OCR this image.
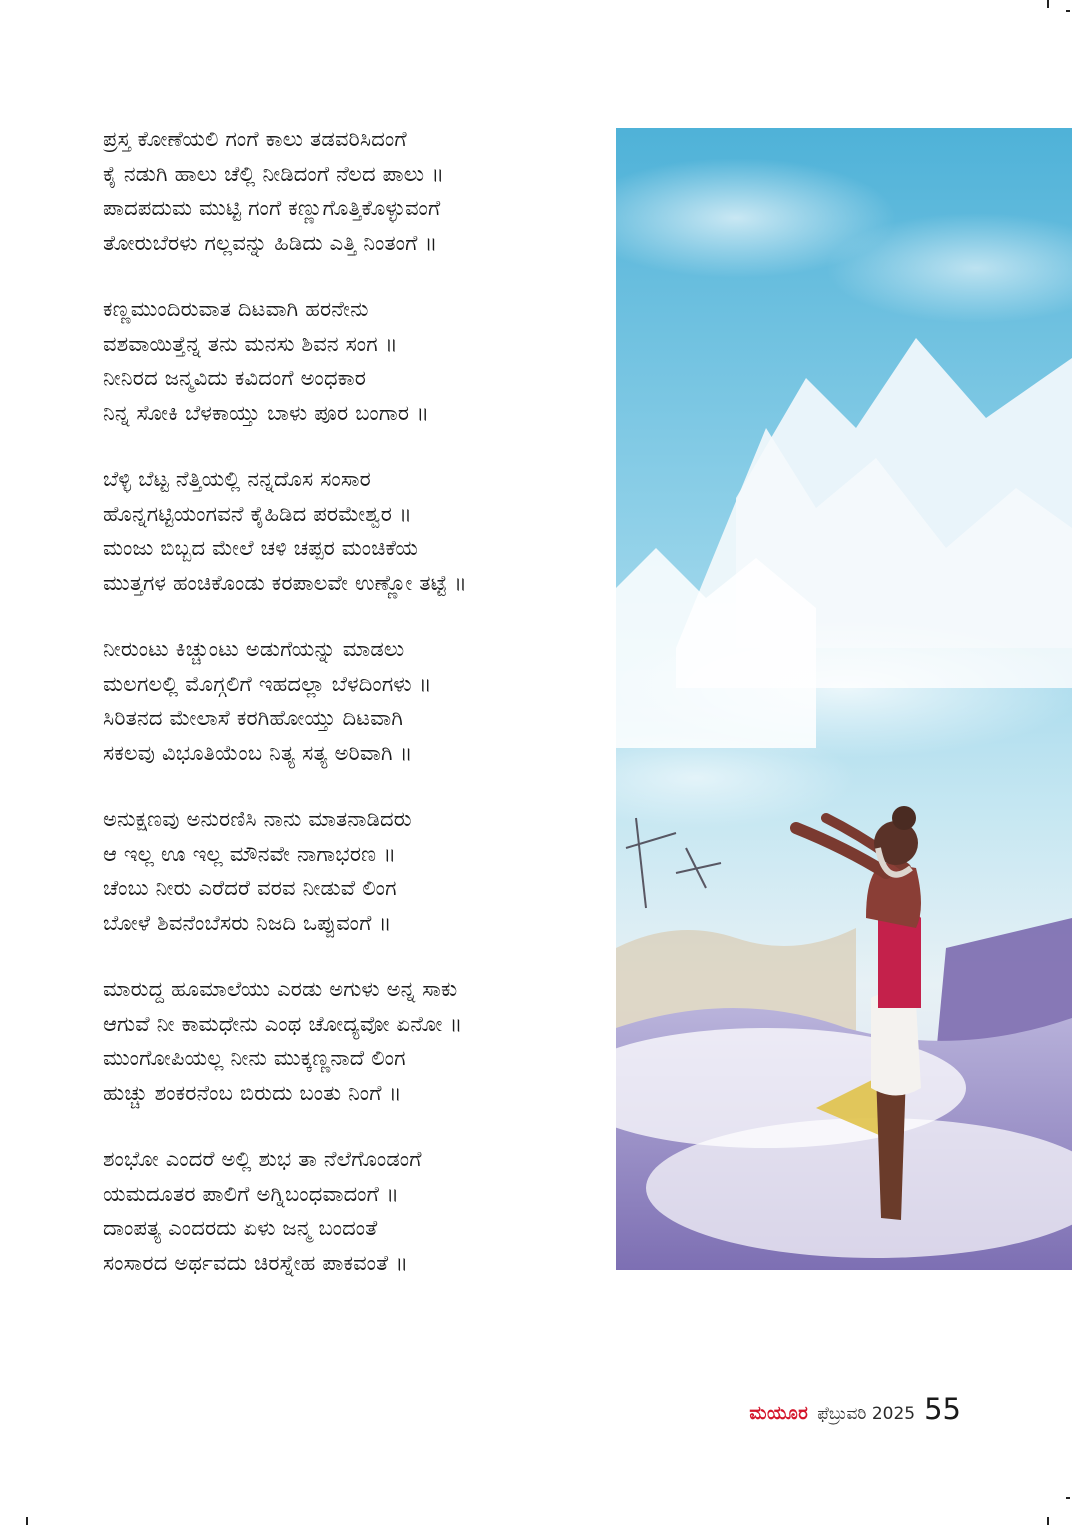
ಪ್ರಸ್ತ ಕೋಣೆಯಲಿ ಗಂಗೆ ಕಾಲು ತಡವರಿಸಿದಂಗೆ
ಕೈ ನಡುಗಿ ಹಾಲು ಚೆಲ್ಲಿ ನೀಡಿದಂಗೆ ನೆಲದ ಪಾಲು ॥
ಪಾದಪದುಮ ಮುಟ್ಟಿ ಗಂಗೆ ಕಣ್ಣುಗೊತ್ತಿಕೊಳ್ಳುವಂಗೆ
ತೋರುಬೆರಳು ಗಲ್ಲವನ್ನು ಹಿಡಿದು ಎತ್ತಿ ನಿಂತಂಗೆ ॥
ಕಣ್ಣಮುಂದಿರುವಾತ ದಿಟವಾಗಿ ಹರನೇನು
ವಶವಾಯಿತ್ತೆನ್ನ ತನು ಮನಸು ಶಿವನ ಸಂಗ ॥
ನೀನಿರದ ಜನ್ಮವಿದು ಕವಿದಂಗೆ ಅಂಧಕಾರ
ನಿನ್ನ ಸೋಕಿ ಬೆಳಕಾಯ್ತು ಬಾಳು ಪೂರ ಬಂಗಾರ ॥
ಬೆಳ್ಳಿ ಬೆಟ್ಟ ನೆತ್ತಿಯಲ್ಲಿ ನನ್ನದೊಸ ಸಂಸಾರ
ಹೊನ್ನಗಟ್ಟಿಯಂಗವನೆ ಕೈಹಿಡಿದ ಪರಮೇಶ್ವರ ॥
ಮಂಜು ಬಿಬ್ಬದ ಮೇಲೆ ಚಳಿ ಚಪ್ಪರ ಮಂಚಿಕೆಯ
ಮುತ್ತಗಳ ಹಂಚಿಕೊಂಡು ಕರಪಾಲವೇ ಉಣ್ಣೋ ತಟ್ಟೆ ॥
ನೀರುಂಟು ಕಿಚ್ಚುಂಟು ಅಡುಗೆಯನ್ನು ಮಾಡಲು
ಮಲಗಲಲ್ಲಿ ಮೊಗ್ಗಲಿಗೆ ಇಹದಲ್ಲಾ ಬೆಳದಿಂಗಳು ॥
ಸಿರಿತನದ ಮೇಲಾಸೆ ಕರಗಿಹೋಯ್ತು ದಿಟವಾಗಿ
ಸಕಲವು ವಿಭೂತಿಯೆಂಬ ನಿತ್ಯ ಸತ್ಯ ಅರಿವಾಗಿ ॥
ಅನುಕ್ಷಣವು ಅನುರಣಿಸಿ ನಾನು ಮಾತನಾಡಿದರು
ಆ ಇಲ್ಲ ಊ ಇಲ್ಲ ಮೌನವೇ ನಾಗಾಭರಣ ॥
ಚೆಂಬು ನೀರು ಎರೆದರೆ ವರವ ನೀಡುವೆ ಲಿಂಗ
ಬೋಳೆ ಶಿವನೆಂಬೆಸರು ನಿಜದಿ ಒಪ್ಪುವಂಗೆ ॥
ಮಾರುದ್ದ ಹೂಮಾಲೆಯು ಎರಡು ಅಗುಳು ಅನ್ನ ಸಾಕು
ಆಗುವೆ ನೀ ಕಾಮಧೇನು ಎಂಥ ಚೋದ್ಯವೋ ಏನೋ ॥
ಮುಂಗೋಪಿಯಲ್ಲ ನೀನು ಮುಕ್ಕಣ್ಣನಾದೆ ಲಿಂಗ
ಹುಚ್ಚು ಶಂಕರನೆಂಬ ಬಿರುದು ಬಂತು ನಿಂಗೆ ॥
ಶಂಭೋ ಎಂದರೆ ಅಲ್ಲಿ ಶುಭ ತಾ ನೆಲೆಗೊಂಡಂಗೆ
ಯಮದೂತರ ಪಾಲಿಗೆ ಅಗ್ನಿಬಂಧವಾದಂಗೆ ॥
ದಾಂಪತ್ಯ ಎಂದರದು ಏಳು ಜನ್ಮ ಬಂದಂತೆ
ಸಂಸಾರದ ಅರ್ಥವದು ಚಿರಸ್ನೇಹ ಪಾಕವಂತೆ ॥
ಮಯೂರ ಫೆಬ್ರುವರಿ 2025 55
